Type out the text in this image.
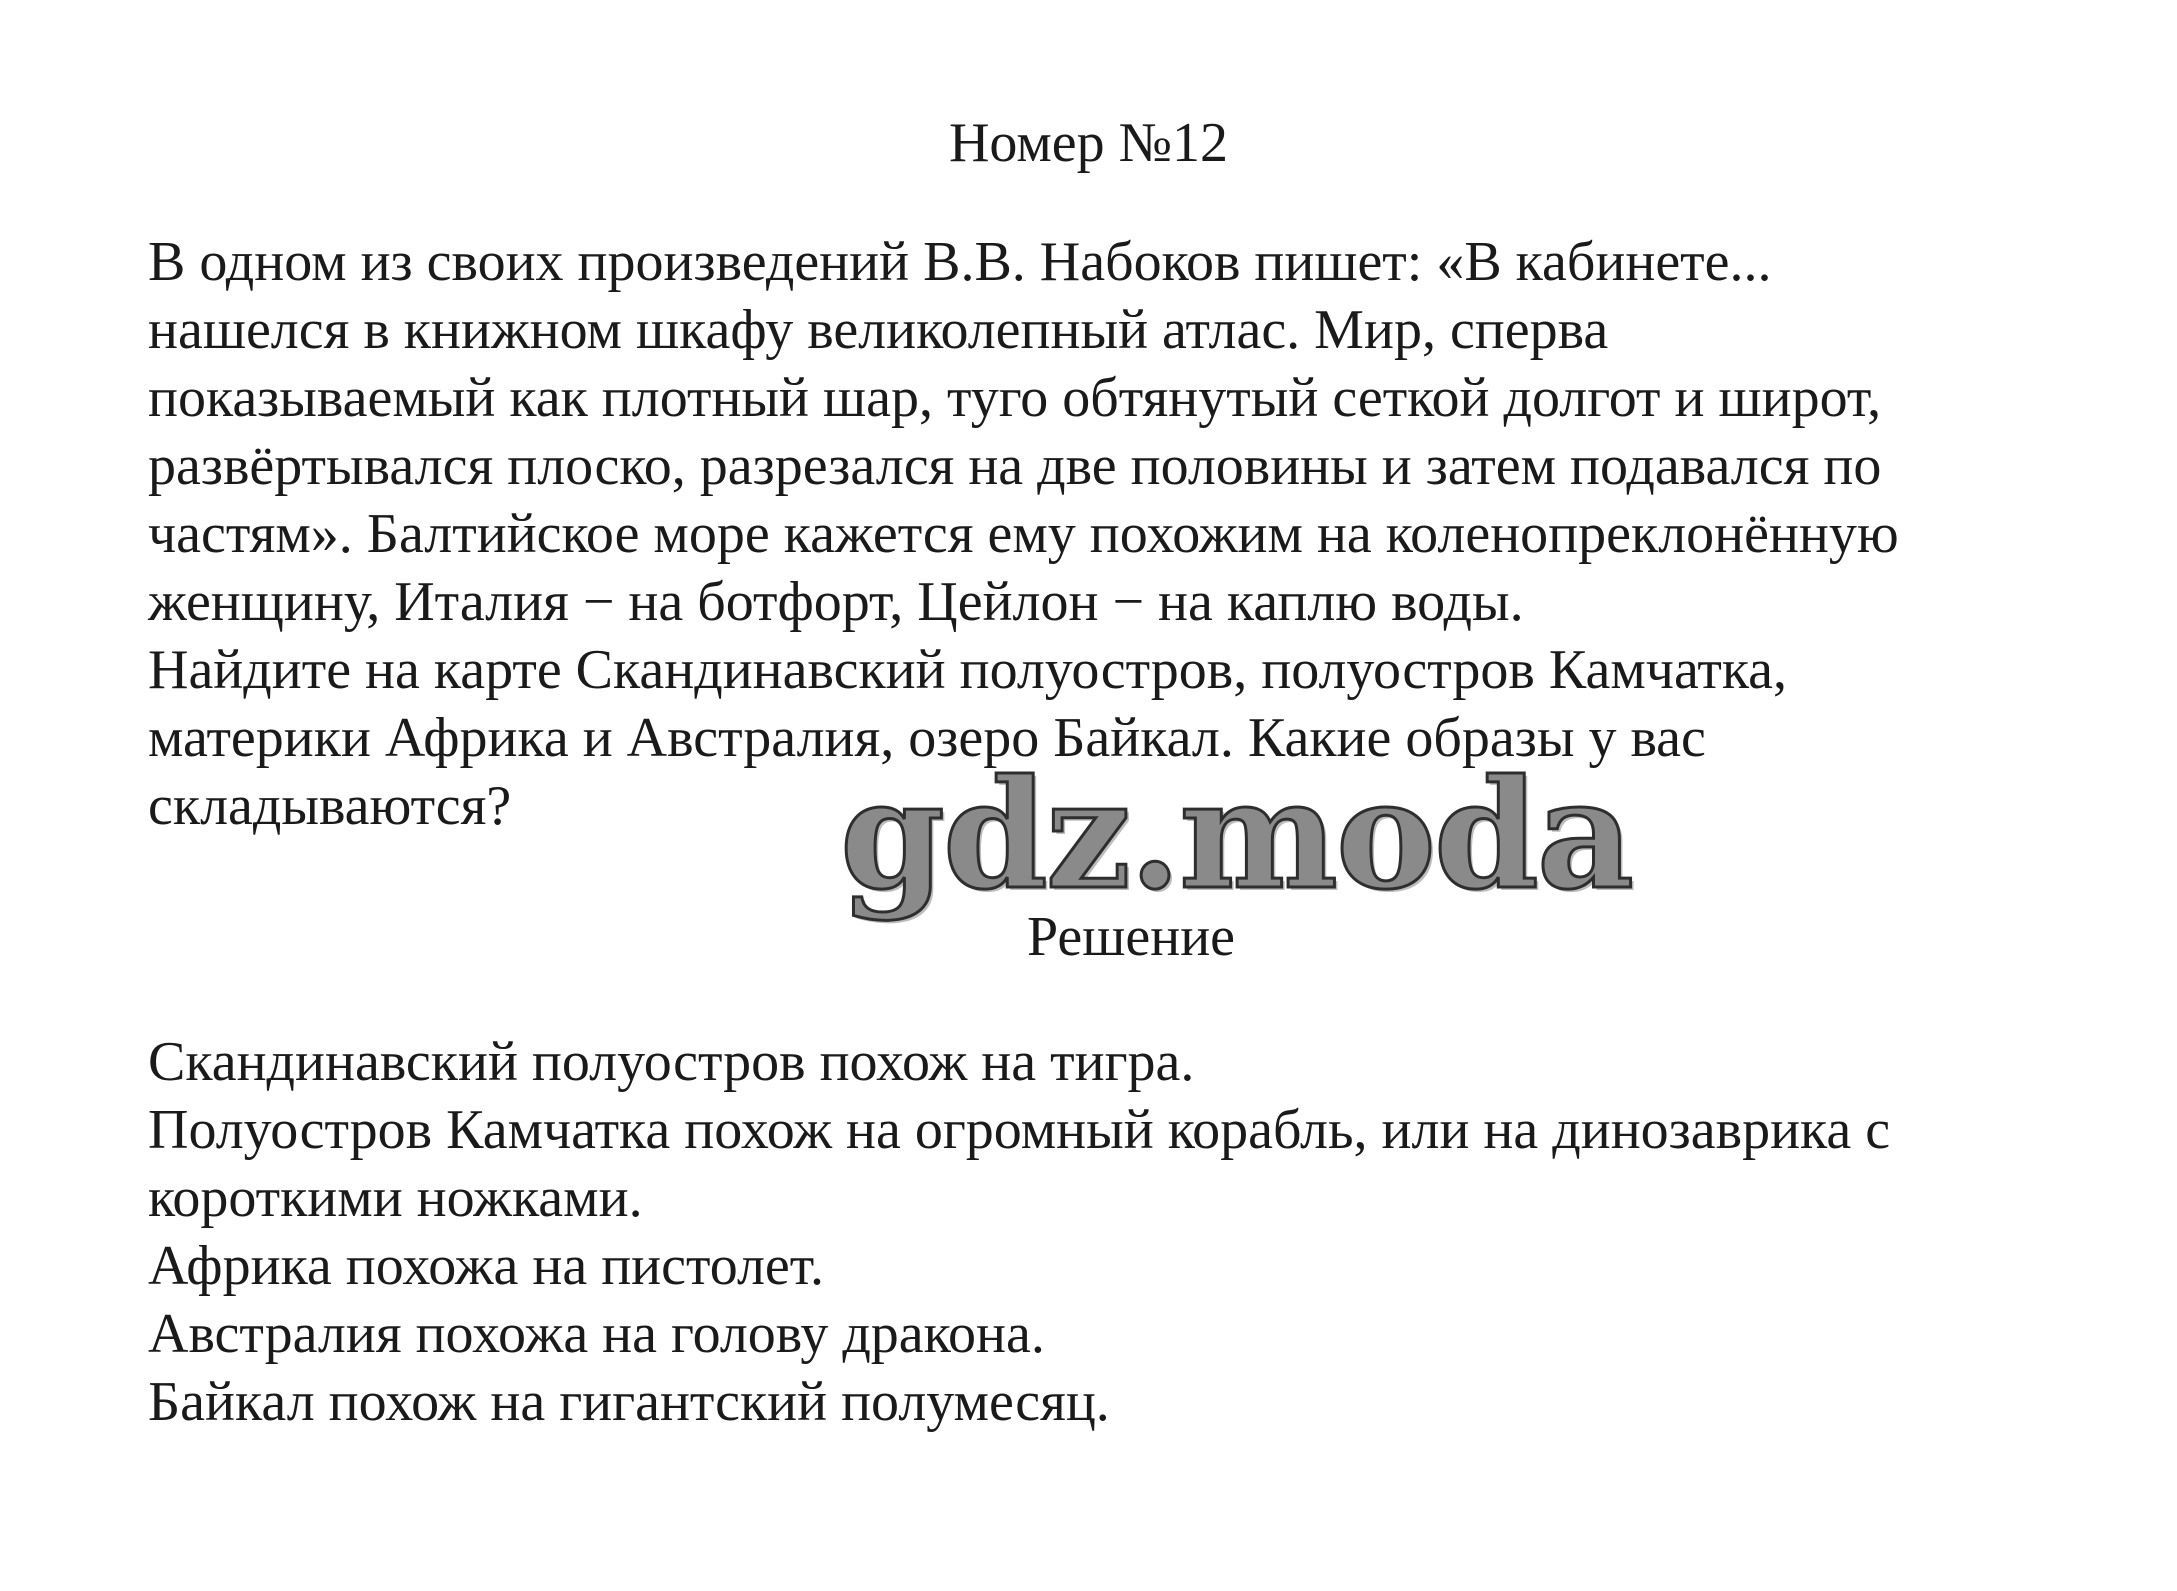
Номер №12

В одном из своих произведений В.В. Набоков пишет: «В кабинете...

нашелся в книжном шкафу великолепный атлас. Мир, сперва

показываемый как плотный шар, туго обтянутый сеткой долгот и широт,

развёртывался плоско, разрезался на две половины и затем подавался по

частям». Балтийское море кажется ему похожим на коленопреклонённую

женщину, Италия − на ботфорт, Цейлон − на каплю воды.

Найдите на карте Скандинавский полуостров, полуостров Камчатка,

материки Африка и Австралия, озеро Байкал. Какие образы у вас

складываются?	gdz.moda
Решение

Скандинавский полуостров похож на тигра.

Полуостров Камчатка похож на огромный корабль, или на динозаврика с

короткими ножками.

Африка похожа на пистолет.

Австралия похожа на голову дракона.

Байкал похож на гигантский полумесяц.
